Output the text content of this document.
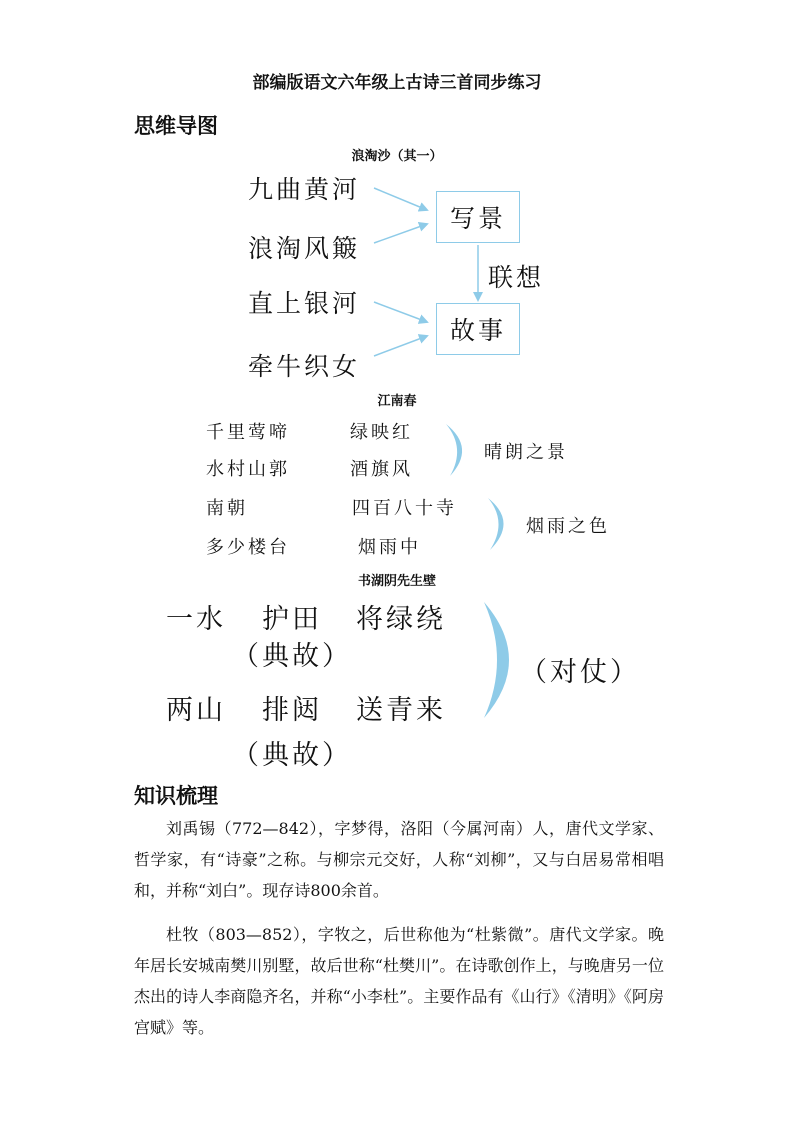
部编版语文六年级上古诗三首同步练习
思维导图
浪淘沙（其一）
九曲黄河
浪淘风簸
直上银河
牵牛织女
写景
故事
联想
江南春
千里莺啼	绿映红
水村山郭	酒旗风
南朝	四百八十寺
多少楼台	烟雨中
晴朗之景
烟雨之色
书湖阴先生壁
一水 护田 将绿绕
（典故）
两山 排闼 送青来
（典故）
（对仗）
知识梳理
刘禹锡（772—842），字梦得，洛阳（今属河南）人，唐代文学家、哲学家，有“诗豪”之称。与柳宗元交好，人称“刘柳”，又与白居易常相唱和，并称“刘白”。现存诗800余首。
杜牧（803—852），字牧之，后世称他为“杜紫微”。唐代文学家。晚年居长安城南樊川别墅，故后世称“杜樊川”。在诗歌创作上，与晚唐另一位杰出的诗人李商隐齐名，并称“小李杜”。主要作品有《山行》《清明》《阿房宫赋》等。
